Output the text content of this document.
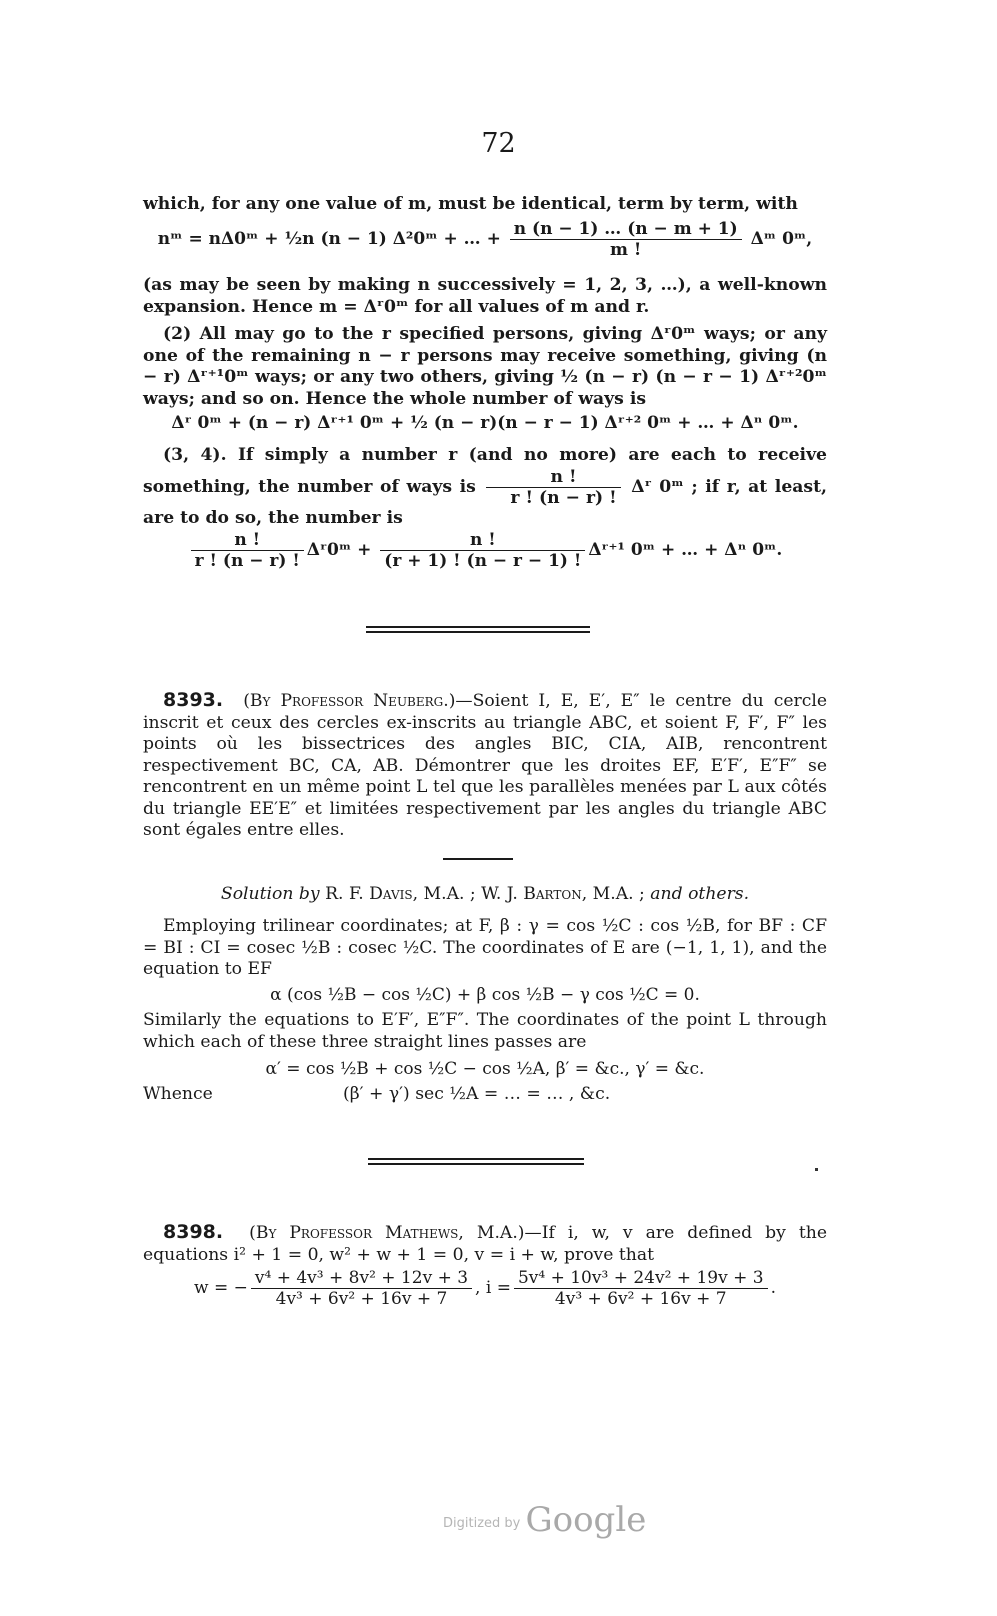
72

which, for any one value of m, must be identical, term by term, with

nᵐ = nΔ0ᵐ + ½n (n − 1) Δ²0ᵐ + … + $\frac{n (n - 1) \dots (n - m + 1)}{m !}$ Δᵐ 0ᵐ,

(as may be seen by making n successively = 1, 2, 3, …), a well-known expansion. Hence m = Δʳ0ᵐ for all values of m and r.

(2) All may go to the r specified persons, giving Δʳ0ᵐ ways; or any one of the remaining n − r persons may receive something, giving (n − r) Δʳ⁺¹0ᵐ ways; or any two others, giving ½ (n − r) (n − r − 1) Δʳ⁺²0ᵐ ways; and so on. Hence the whole number of ways is

Δʳ 0ᵐ + (n − r) Δʳ⁺¹ 0ᵐ + ½ (n − r)(n − r − 1) Δʳ⁺² 0ᵐ + … + Δⁿ 0ᵐ.

(3, 4). If simply a number r (and no more) are each to receive something, the number of ways is $\frac{n !}{r ! (n - r) !}$ Δʳ 0ᵐ ; if r, at least, are to do so, the number is

$\frac{n !}{r ! (n - r) !}$ Δʳ0ᵐ + $\frac{n !}{(r + 1) ! (n - r - 1) !}$ Δʳ⁺¹ 0ᵐ + … + Δⁿ 0ᵐ.

8393. (By Professor Neuberg.)—Soient I, E, E′, E″ le centre du cercle inscrit et ceux des cercles ex-inscrits au triangle ABC, et soient F, F′, F″ les points où les bissectrices des angles BIC, CIA, AIB, rencontrent respectivement BC, CA, AB. Démontrer que les droites EF, E′F′, E″F″ se rencontrent en un même point L tel que les parallèles menées par L aux côtés du triangle EE′E″ et limitées respectivement par les angles du triangle ABC sont égales entre elles.

Solution by R. F. Davis, M.A. ; W. J. Barton, M.A. ; and others.

Employing trilinear coordinates; at F, β : γ = cos ½C : cos ½B, for BF : CF = BI : CI = cosec ½B : cosec ½C. The coordinates of E are (−1, 1, 1), and the equation to EF

α (cos ½B − cos ½C) + β cos ½B − γ cos ½C = 0.

Similarly the equations to E′F′, E″F″. The coordinates of the point L through which each of these three straight lines passes are

α′ = cos ½B + cos ½C − cos ½A, β′ = &c., γ′ = &c.

Whence	(β′ + γ′) sec ½A = … = … , &c.

8398. (By Professor Mathews, M.A.)—If i, w, v are defined by the equations i² + 1 = 0, w² + w + 1 = 0, v = i + w, prove that

w = − $\frac{\text{v⁴ + 4v³ + 8v² + 12v + 3}}{\text{4v³ + 6v² + 16v + 7}}$ , $i = \frac{\text{5v⁴ + 10v³ + 24v² + 19v + 3}}{\text{4v³ + 6v² + 16v + 7}}$ .
$^{Digitized by}$ Google
